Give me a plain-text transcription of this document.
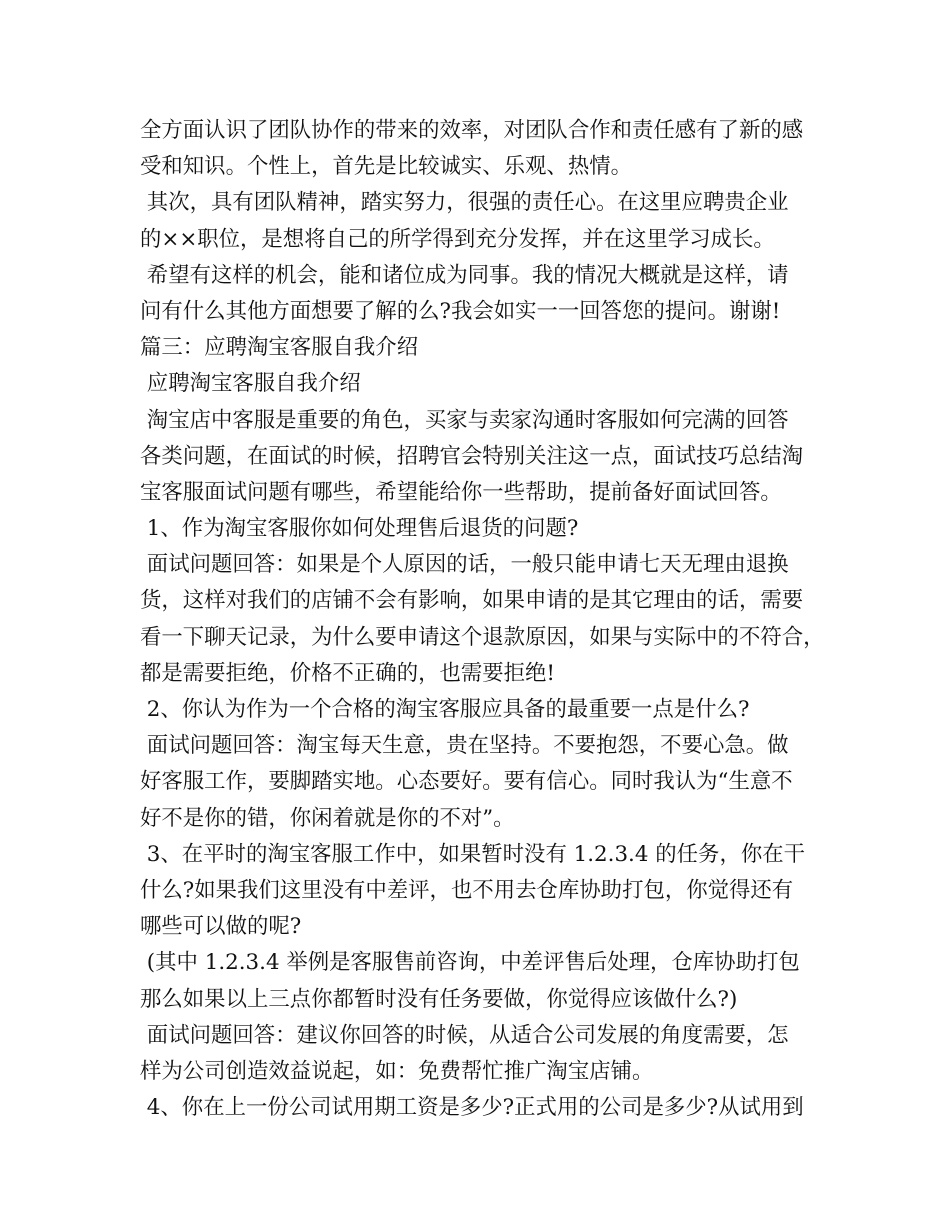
全方面认识了团队协作的带来的效率，对团队合作和责任感有了新的感
受和知识。个性上，首先是比较诚实、乐观、热情。
其次，具有团队精神，踏实努力，很强的责任心。在这里应聘贵企业
的××职位，是想将自己的所学得到充分发挥，并在这里学习成长。
希望有这样的机会，能和诸位成为同事。我的情况大概就是这样，请
问有什么其他方面想要了解的么?我会如实一一回答您的提问。谢谢!
篇三：应聘淘宝客服自我介绍
应聘淘宝客服自我介绍
淘宝店中客服是重要的角色，买家与卖家沟通时客服如何完满的回答
各类问题，在面试的时候，招聘官会特别关注这一点，面试技巧总结淘
宝客服面试问题有哪些，希望能给你一些帮助，提前备好面试回答。
1、作为淘宝客服你如何处理售后退货的问题?
面试问题回答：如果是个人原因的话，一般只能申请七天无理由退换
货，这样对我们的店铺不会有影响，如果申请的是其它理由的话，需要
看一下聊天记录，为什么要申请这个退款原因，如果与实际中的不符合，
都是需要拒绝，价格不正确的，也需要拒绝!
2、你认为作为一个合格的淘宝客服应具备的最重要一点是什么?
面试问题回答：淘宝每天生意，贵在坚持。不要抱怨，不要心急。做
好客服工作，要脚踏实地。心态要好。要有信心。同时我认为“生意不
好不是你的错，你闲着就是你的不对”。
3、在平时的淘宝客服工作中，如果暂时没有 1.2.3.4 的任务，你在干
什么?如果我们这里没有中差评，也不用去仓库协助打包，你觉得还有
哪些可以做的呢?
(其中 1.2.3.4 举例是客服售前咨询，中差评售后处理，仓库协助打包
那么如果以上三点你都暂时没有任务要做，你觉得应该做什么?)
面试问题回答：建议你回答的时候，从适合公司发展的角度需要，怎
样为公司创造效益说起，如：免费帮忙推广淘宝店铺。
4、你在上一份公司试用期工资是多少?正式用的公司是多少?从试用到
